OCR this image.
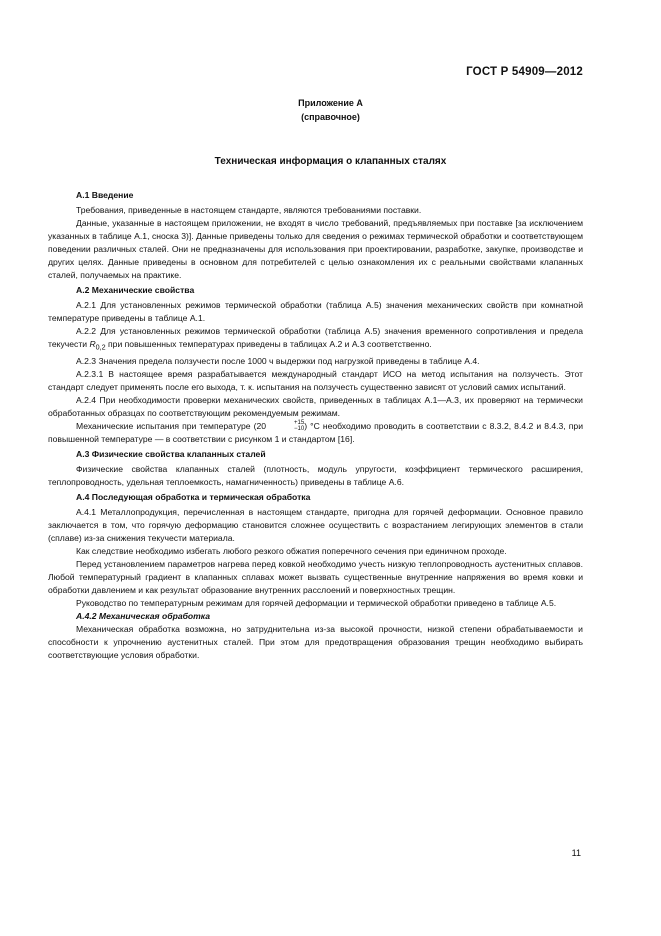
ГОСТ Р 54909—2012
Приложение А
(справочное)
Техническая информация о клапанных сталях

А.1 Введение

Требования, приведенные в настоящем стандарте, являются требованиями поставки.

Данные, указанные в настоящем приложении, не входят в число требований, предъявляемых при поставке [за исключением указанных в таблице А.1, сноска 3)]. Данные приведены только для сведения о режимах термической обработки и соответствующем поведении различных сталей. Они не предназначены для использования при проектировании, разработке, закупке, производстве и других целях. Данные приведены в основном для потребителей с целью ознакомления их с реальными свойствами клапанных сталей, получаемых на практике.

А.2 Механические свойства

А.2.1 Для установленных режимов термической обработки (таблица А.5) значения механических свойств при комнатной температуре приведены в таблице А.1.

А.2.2 Для установленных режимов термической обработки (таблица А.5) значения временного сопротивления и предела текучести $R_{0,2}$ при повышенных температурах приведены в таблицах А.2 и А.3 соответственно.

А.2.3 Значения предела ползучести после 1000 ч выдержки под нагрузкой приведены в таблице А.4.

А.2.3.1 В настоящее время разрабатывается международный стандарт ИСО на метод испытания на ползучесть. Этот стандарт следует применять после его выхода, т. к. испытания на ползучесть существенно зависят от условий самих испытаний.

А.2.4 При необходимости проверки механических свойств, приведенных в таблицах А.1—А.3, их проверяют на термически обработанных образцах по соответствующим рекомендуемым режимам.

Механические испытания при температуре (20	+15
−10 ) °С необходимо проводить в соответствии с 8.3.2, 8.4.2 и 8.4.3, при повышенной температуре — в соответствии с рисунком 1 и стандартом [16].

А.3 Физические свойства клапанных сталей

Физические свойства клапанных сталей (плотность, модуль упругости, коэффициент термического расширения, теплопроводность, удельная теплоемкость, намагниченность) приведены в таблице А.6.

А.4 Последующая обработка и термическая обработка

А.4.1 Металлопродукция, перечисленная в настоящем стандарте, пригодна для горячей деформации. Основное правило заключается в том, что горячую деформацию становится сложнее осуществить с возрастанием легирующих элементов в стали (сплаве) из-за снижения текучести материала.

Как следствие необходимо избегать любого резкого обжатия поперечного сечения при единичном проходе.

Перед установлением параметров нагрева перед ковкой необходимо учесть низкую теплопроводность аустенитных сплавов. Любой температурный градиент в клапанных сплавах может вызвать существенные внутренние напряжения во время ковки и обработки давлением и как результат образование внутренних расслоений и поверхностных трещин.

Руководство по температурным режимам для горячей деформации и термической обработки приведено в таблице А.5.

А.4.2 Механическая обработка

Механическая обработка возможна, но затруднительна из-за высокой прочности, низкой степени обрабатываемости и способности к упрочнению аустенитных сталей. При этом для предотвращения образования трещин необходимо выбирать соответствующие условия обработки.

11
